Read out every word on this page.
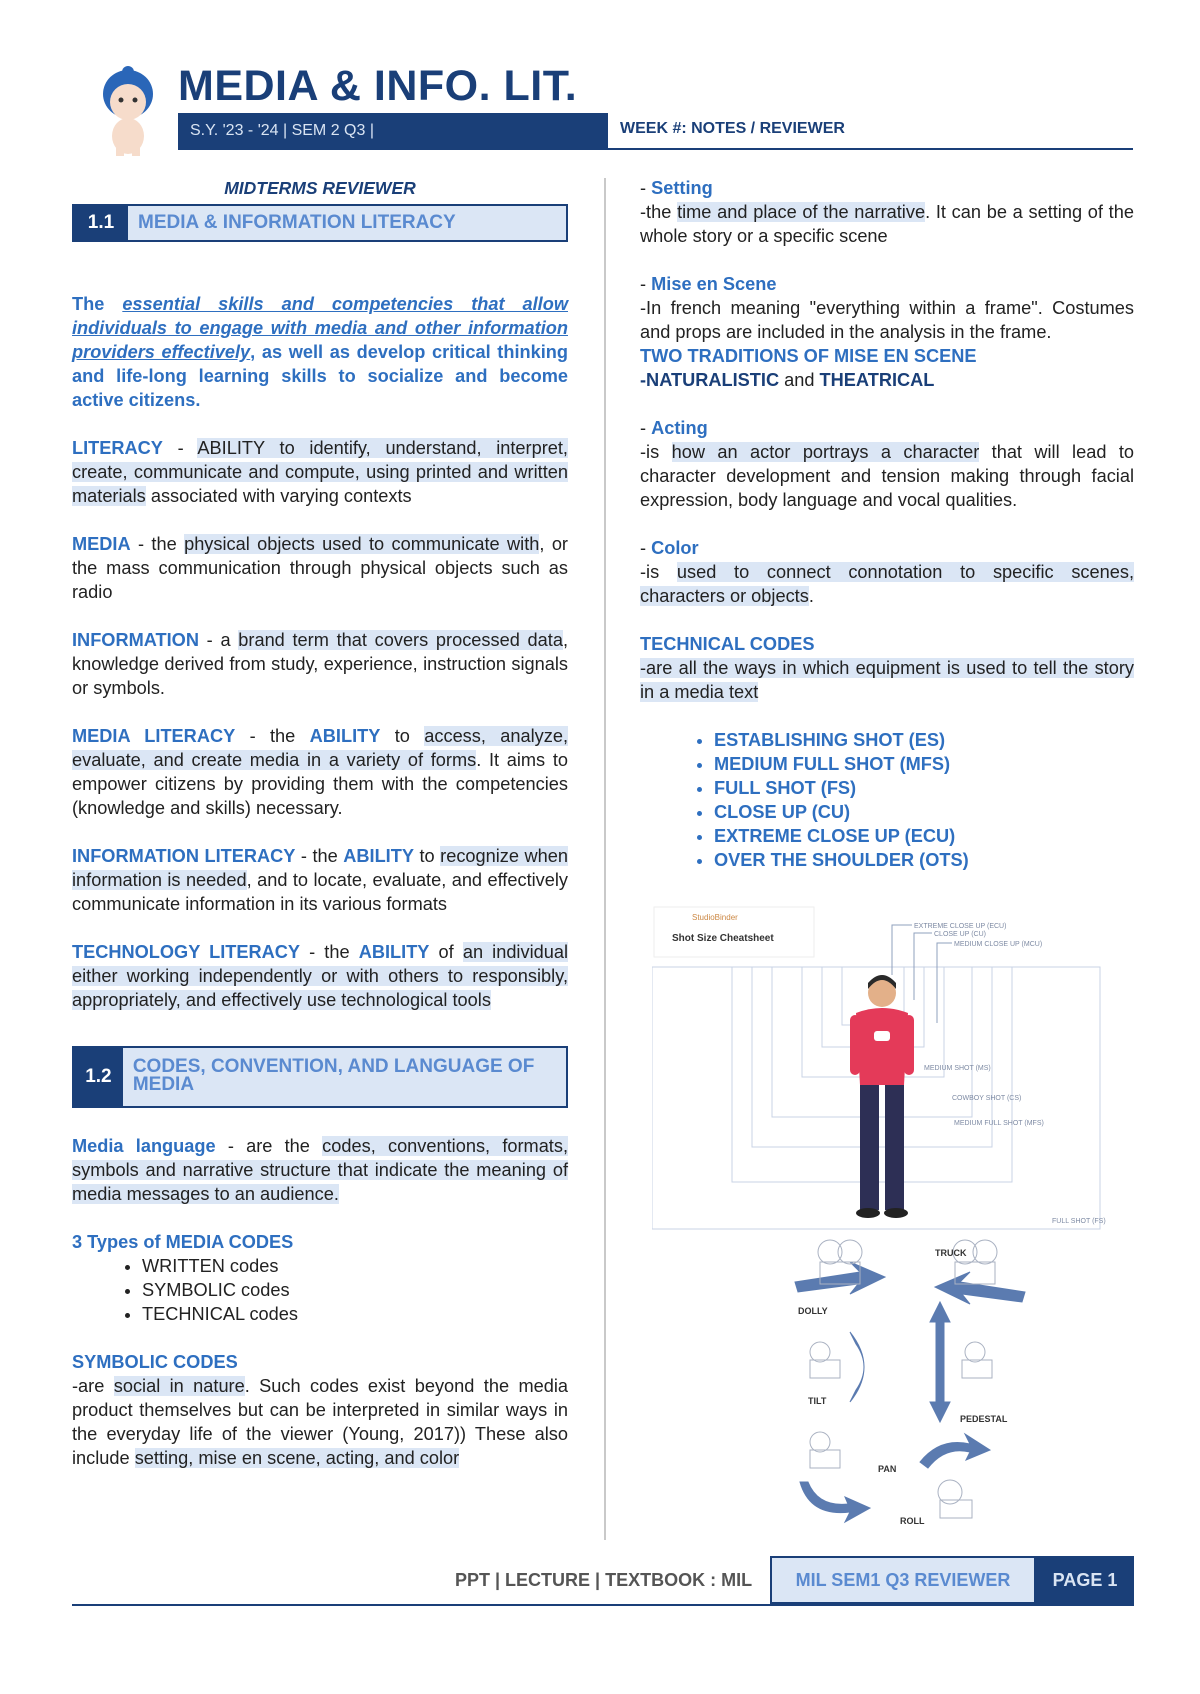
MEDIA & INFO. LIT.
S.Y. '23 - '24 | SEM 2 Q3 |	WEEK #: NOTES / REVIEWER
MIDTERMS REVIEWER
1.1	MEDIA & INFORMATION LITERACY

The essential skills and competencies that allow individuals to engage with media and other information providers effectively, as well as develop critical thinking and life-long learning skills to socialize and become active citizens.

LITERACY - ABILITY to identify, understand, interpret, create, communicate and compute, using printed and written materials associated with varying contexts

MEDIA - the physical objects used to communicate with, or the mass communication through physical objects such as radio

INFORMATION - a brand term that covers processed data, knowledge derived from study, experience, instruction signals or symbols.

MEDIA LITERACY - the ABILITY to access, analyze, evaluate, and create media in a variety of forms. It aims to empower citizens by providing them with the competencies (knowledge and skills) necessary.

INFORMATION LITERACY - the ABILITY to recognize when information is needed, and to locate, evaluate, and effectively communicate information in its various formats

TECHNOLOGY LITERACY - the ABILITY of an individual either working independently or with others to responsibly, appropriately, and effectively use technological tools

1.2	CODES, CONVENTION, AND LANGUAGE OF MEDIA

Media language - are the codes, conventions, formats, symbols and narrative structure that indicate the meaning of media messages to an audience.

3 Types of MEDIA CODES
• WRITTEN codes
• SYMBOLIC codes
• TECHNICAL codes
SYMBOLIC CODES

-are social in nature. Such codes exist beyond the media product themselves but can be interpreted in similar ways in the everyday life of the viewer (Young, 2017)) These also include setting, mise en scene, acting, and color

- Setting

-the time and place of the narrative. It can be a setting of the whole story or a specific scene

- Mise en Scene

-In french meaning "everything within a frame". Costumes and props are included in the analysis in the frame.

TWO TRADITIONS OF MISE EN SCENE

-NATURALISTIC and THEATRICAL

- Acting

-is how an actor portrays a character that will lead to character development and tension making through facial expression, body language and vocal qualities.

- Color

-is used to connect connotation to specific scenes, characters or objects.

TECHNICAL CODES

-are all the ways in which equipment is used to tell the story in a media text

• ESTABLISHING SHOT (ES)
• MEDIUM FULL SHOT (MFS)
• FULL SHOT (FS)
• CLOSE UP (CU)
• EXTREME CLOSE UP (ECU)
• OVER THE SHOULDER (OTS)
StudioBinder
Shot Size Cheatsheet
EXTREME CLOSE UP (ECU)
CLOSE UP (CU)
MEDIUM CLOSE UP (MCU)
MEDIUM SHOT (MS)
COWBOY SHOT (CS)
MEDIUM FULL SHOT (MFS)
FULL SHOT (FS)
DOLLY
TRUCK
TILT
PEDESTAL
PAN
ROLL
PPT | LECTURE | TEXTBOOK : MIL	MIL SEM1 Q3 REVIEWER	PAGE 1
